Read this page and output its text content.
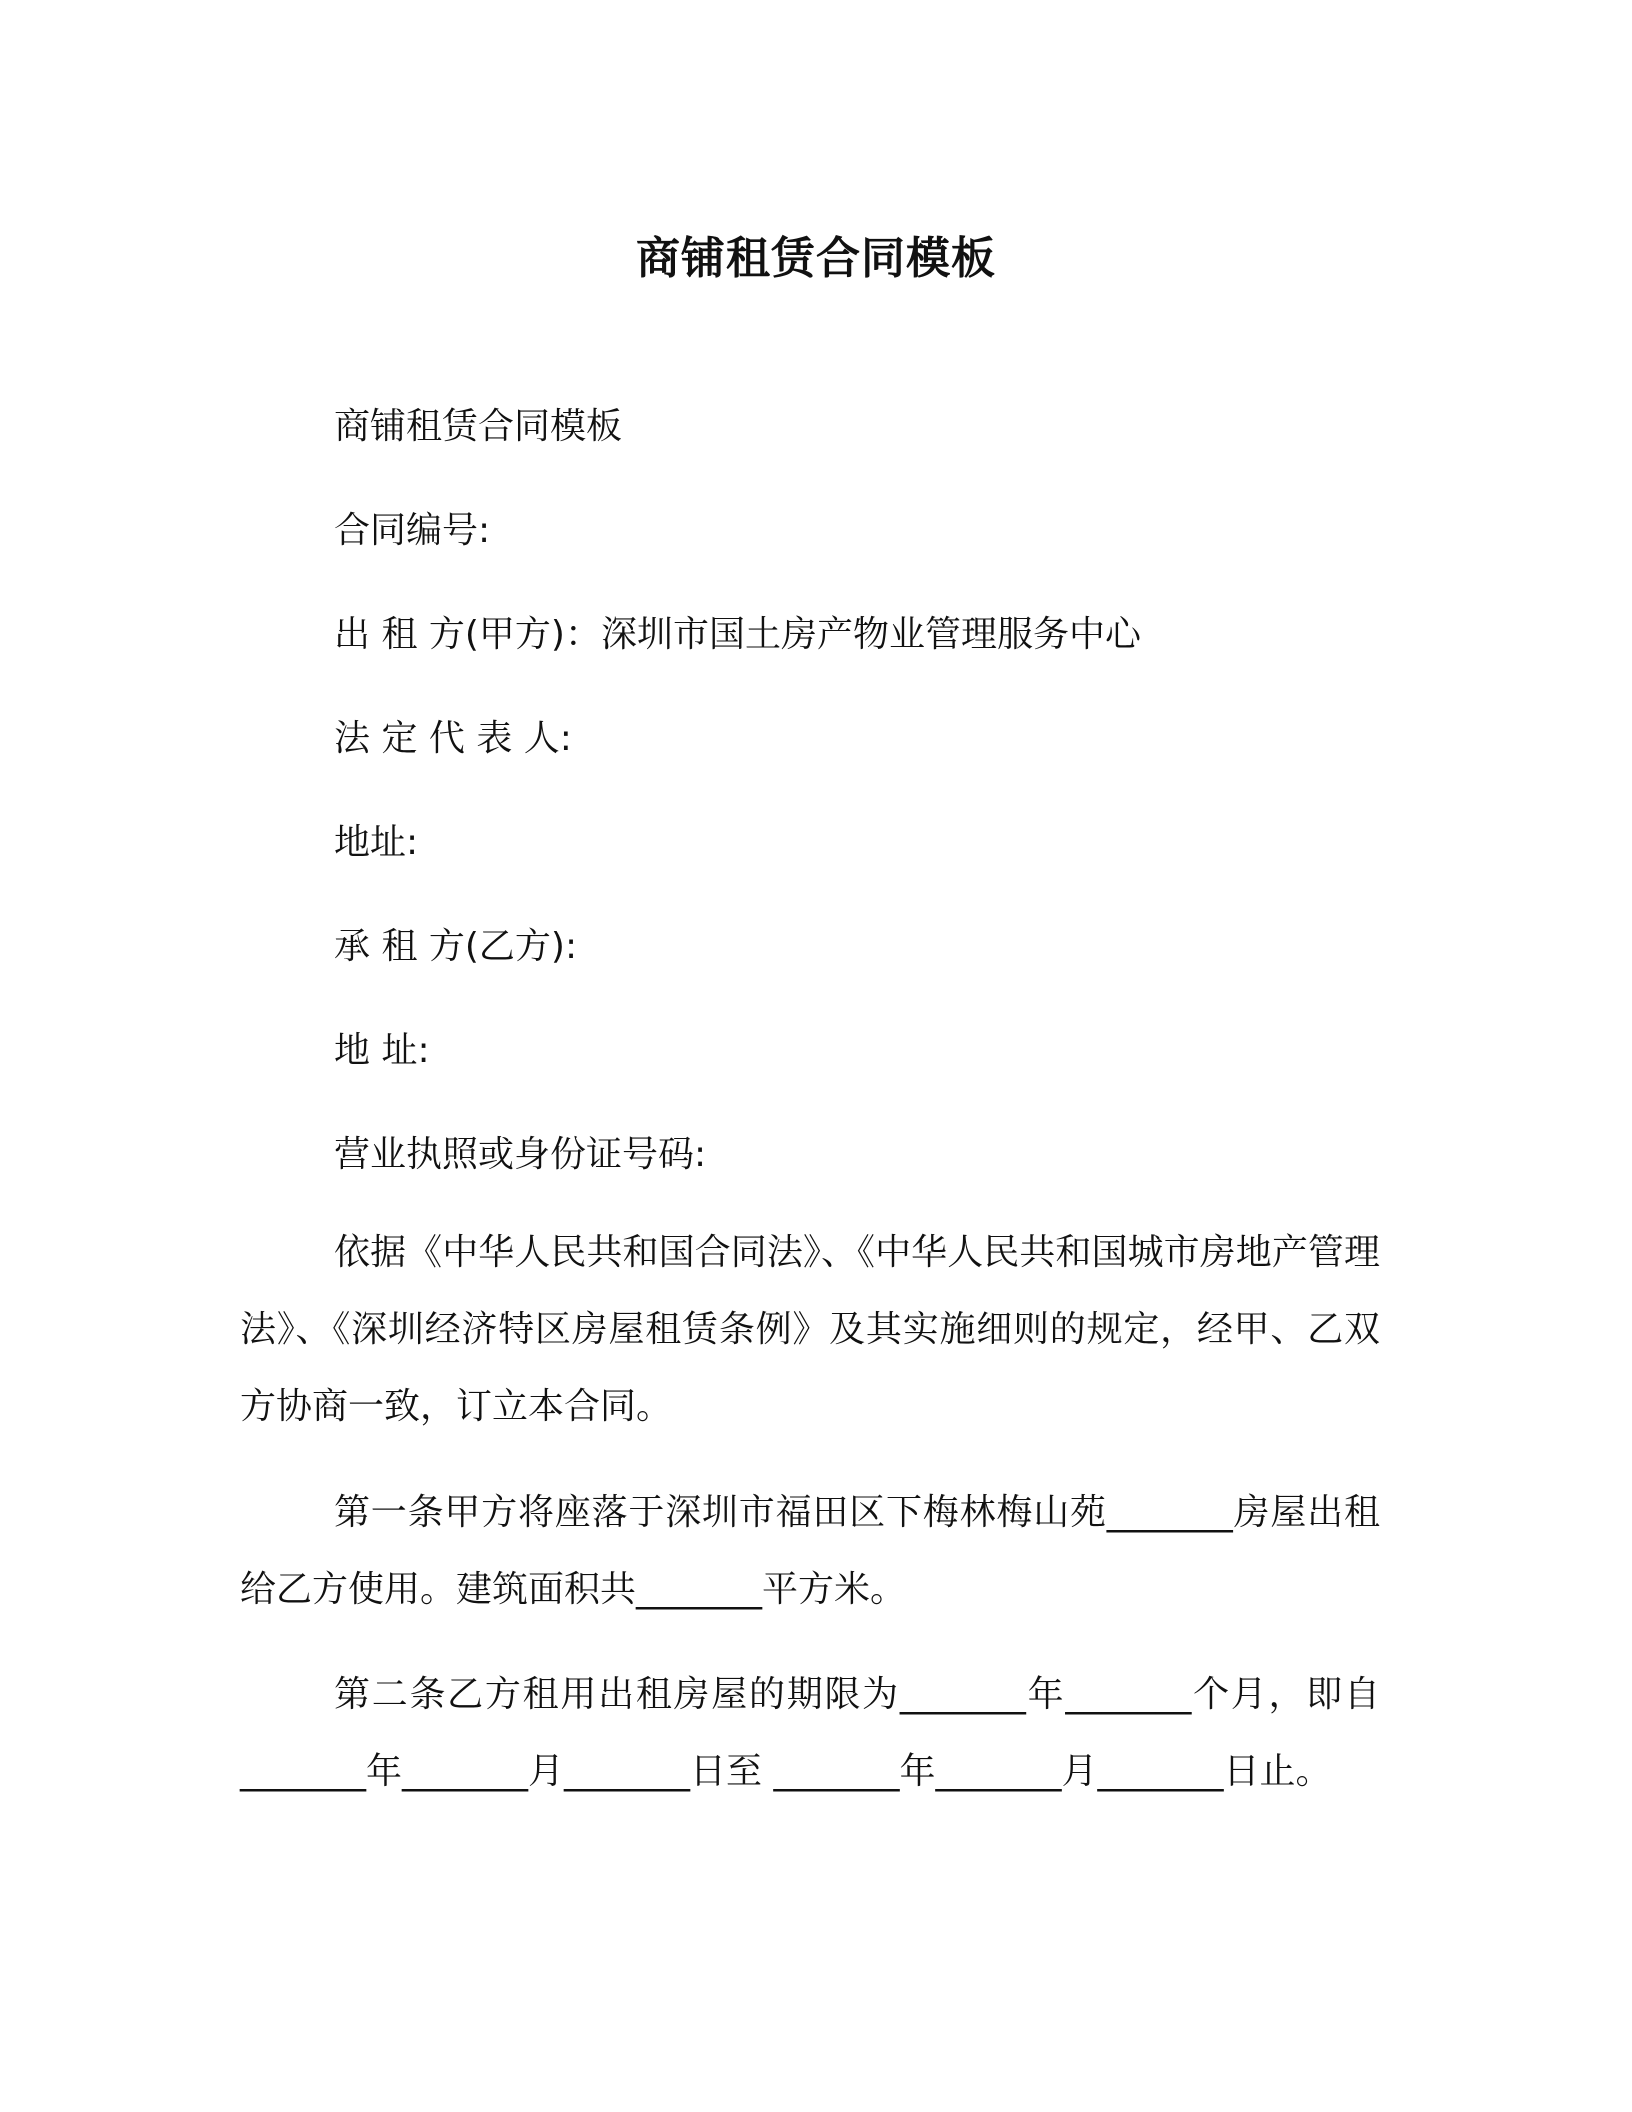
商铺租赁合同模板
商铺租赁合同模板
合同编号:
出 租 方(甲方)：深圳市国土房产物业管理服务中心
法 定 代 表 人:
地址:
承 租 方(乙方):
地 址:
营业执照或身份证号码:
依据《中华人民共和国合同法》、《中华人民共和国城市房地产管理法》、《深圳经济特区房屋租赁条例》及其实施细则的规定，经甲、乙双方协商一致，订立本合同。
第一条甲方将座落于深圳市福田区下梅林梅山苑_______房屋出租给乙方使用。建筑面积共_______平方米。
第二条乙方租用出租房屋的期限为_______年_______个月，即自_______年_______月_______日至 _______年_______月_______日止。
